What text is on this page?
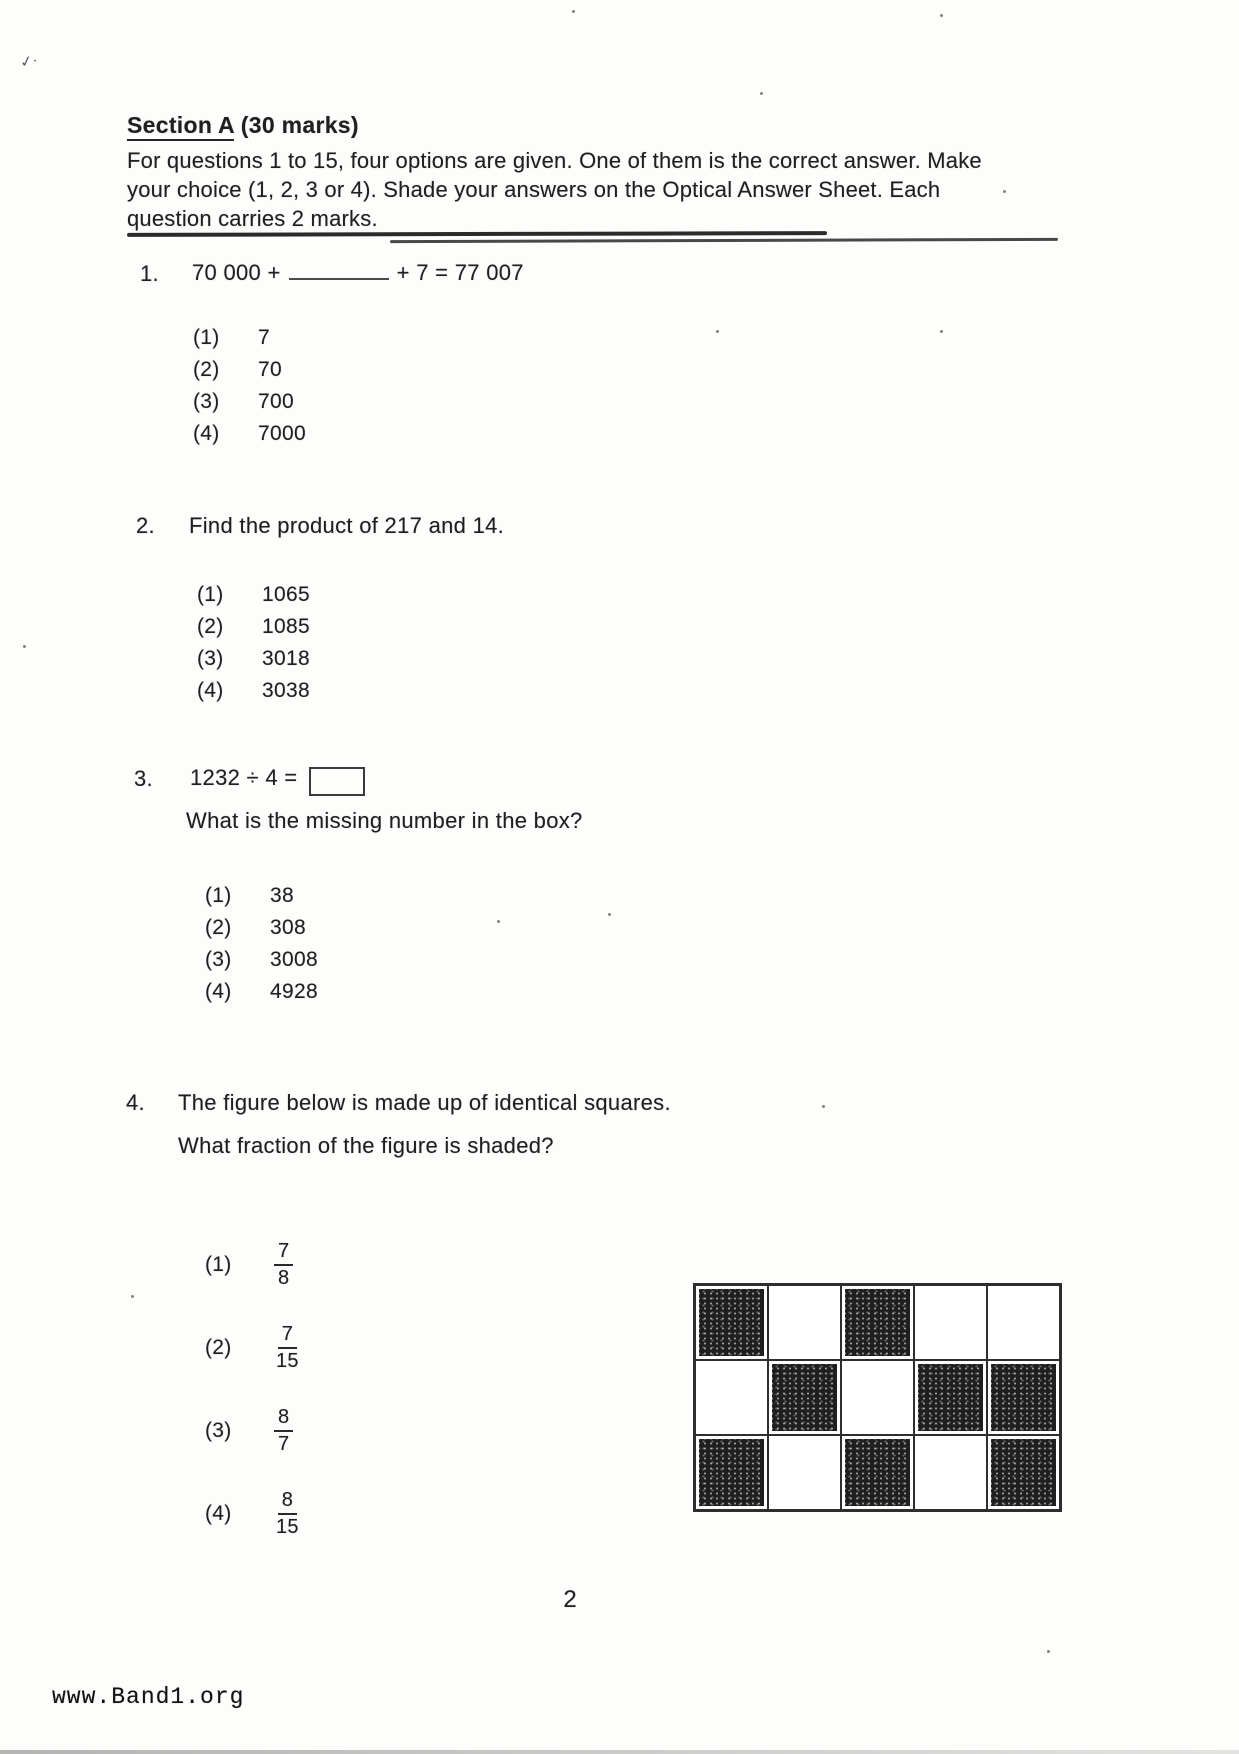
✓·
Section A (30 marks)
For questions 1 to 15, four options are given. One of them is the correct answer. Make
your choice (1, 2, 3 or 4). Shade your answers on the Optical Answer Sheet. Each
question carries 2 marks.
1. 70 000 +	+ 7 = 77 007
(1)	7
(2)	70
(3)	700
(4)	7000
2. Find the product of 217 and 14.
(1)	1065
(2)	1085
(3)	3018
(4)	3038
3. 1232 ÷ 4 =
What is the missing number in the box?
(1)	38
(2)	308
(3)	3008
(4)	4928
4. The figure below is made up of identical squares.
What fraction of the figure is shaded?
(1)	$\frac{7}{8}$
(2)	$\frac{7}{15}$
(3)	$\frac{8}{7}$
(4)	$\frac{8}{15}$
2
www.Band1.org
